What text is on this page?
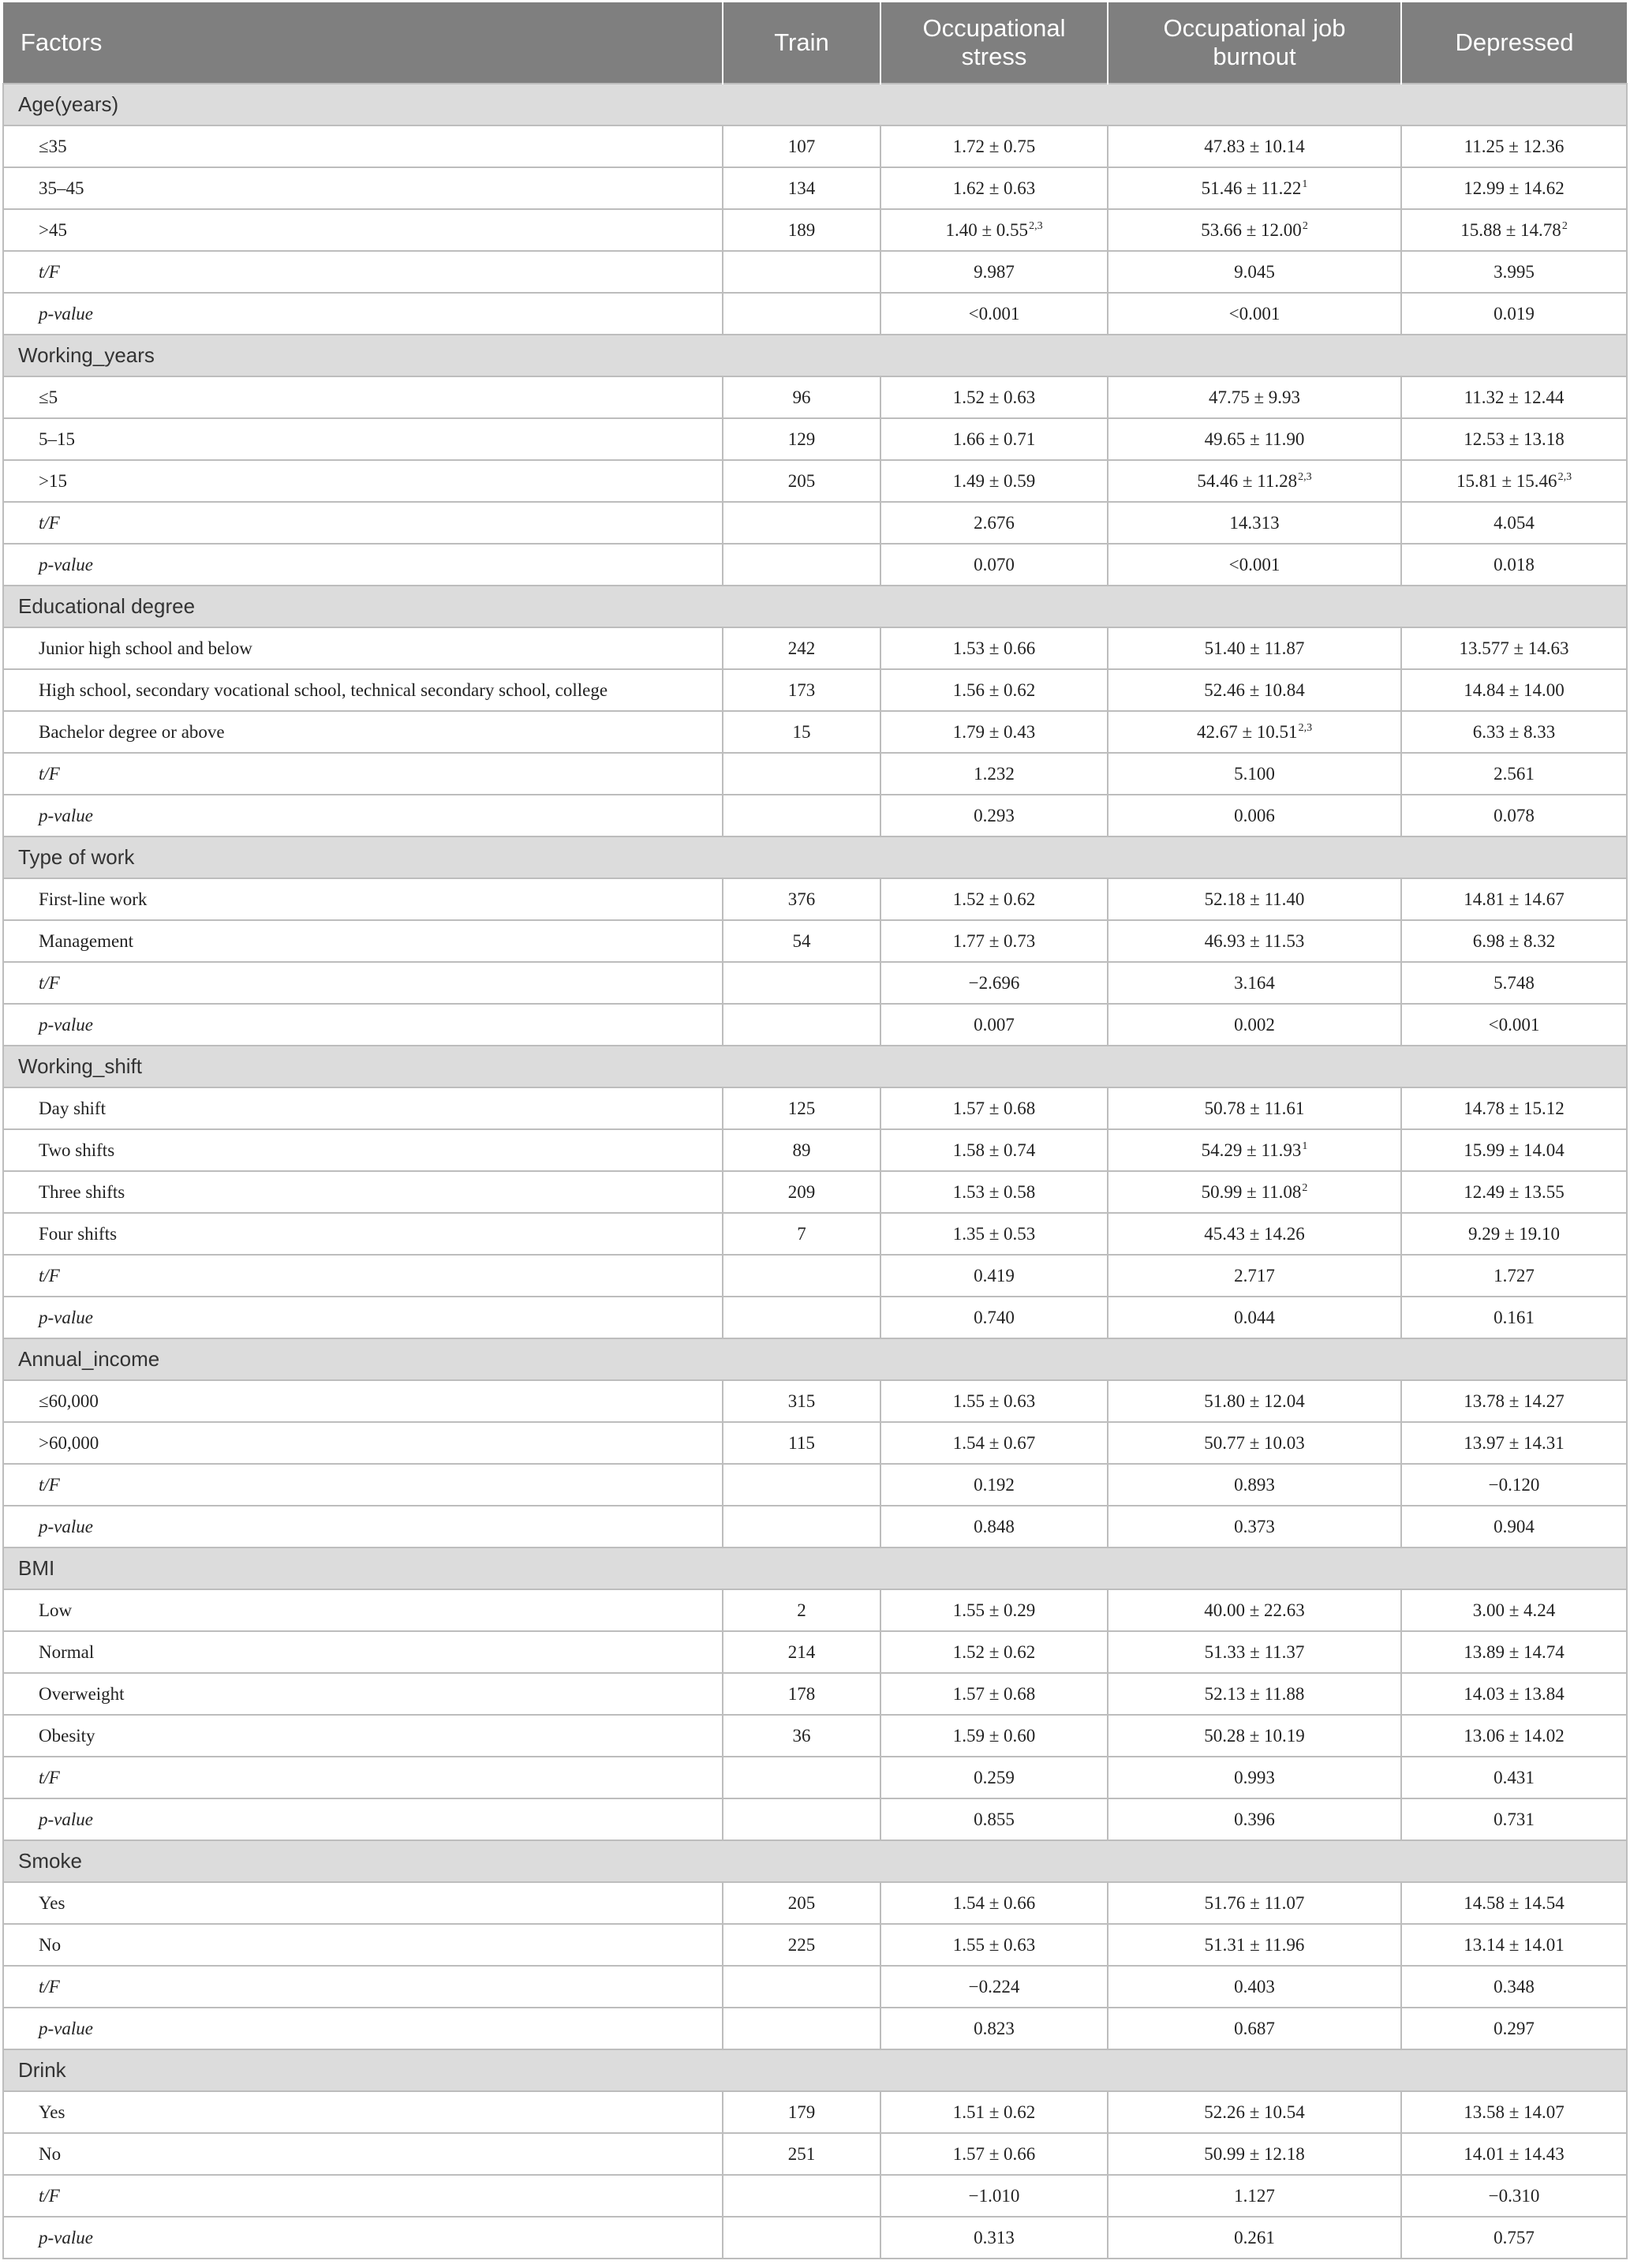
Factors	Train	Occupational stress	Occupational job burnout	Depressed
Age(years)				
≤35	107	1.72 ± 0.75	47.83 ± 10.14	11.25 ± 12.36
35–45	134	1.62 ± 0.63	$51.46 \pm 11.22^1$	12.99 ± 14.62
>45	189	$1.40 \pm 0.55^{2,3}$	$53.66 \pm 12.00^2$	$15.88 \pm 14.78^2$
t/F		9.987	9.045	3.995
p-value		<0.001	<0.001	0.019
Working_years				
≤5	96	1.52 ± 0.63	47.75 ± 9.93	11.32 ± 12.44
5–15	129	1.66 ± 0.71	49.65 ± 11.90	12.53 ± 13.18
>15	205	1.49 ± 0.59	$54.46 \pm 11.28^{2,3}$	$15.81 \pm 15.46^{2,3}$
t/F		2.676	14.313	4.054
p-value		0.070	<0.001	0.018
Educational degree				
Junior high school and below	242	1.53 ± 0.66	51.40 ± 11.87	13.577 ± 14.63
High school, secondary vocational school, technical secondary school, college	173	1.56 ± 0.62	52.46 ± 10.84	14.84 ± 14.00
Bachelor degree or above	15	1.79 ± 0.43	$42.67 \pm 10.51^{2,3}$	6.33 ± 8.33
t/F		1.232	5.100	2.561
p-value		0.293	0.006	0.078
Type of work				
First-line work	376	1.52 ± 0.62	52.18 ± 11.40	14.81 ± 14.67
Management	54	1.77 ± 0.73	46.93 ± 11.53	6.98 ± 8.32
t/F		−2.696	3.164	5.748
p-value		0.007	0.002	<0.001
Working_shift				
Day shift	125	1.57 ± 0.68	50.78 ± 11.61	14.78 ± 15.12
Two shifts	89	1.58 ± 0.74	$54.29 \pm 11.93^1$	15.99 ± 14.04
Three shifts	209	1.53 ± 0.58	$50.99 \pm 11.08^2$	12.49 ± 13.55
Four shifts	7	1.35 ± 0.53	45.43 ± 14.26	9.29 ± 19.10
t/F		0.419	2.717	1.727
p-value		0.740	0.044	0.161
Annual_income				
≤60,000	315	1.55 ± 0.63	51.80 ± 12.04	13.78 ± 14.27
>60,000	115	1.54 ± 0.67	50.77 ± 10.03	13.97 ± 14.31
t/F		0.192	0.893	−0.120
p-value		0.848	0.373	0.904
BMI				
Low	2	1.55 ± 0.29	40.00 ± 22.63	3.00 ± 4.24
Normal	214	1.52 ± 0.62	51.33 ± 11.37	13.89 ± 14.74
Overweight	178	1.57 ± 0.68	52.13 ± 11.88	14.03 ± 13.84
Obesity	36	1.59 ± 0.60	50.28 ± 10.19	13.06 ± 14.02
t/F		0.259	0.993	0.431
p-value		0.855	0.396	0.731
Smoke				
Yes	205	1.54 ± 0.66	51.76 ± 11.07	14.58 ± 14.54
No	225	1.55 ± 0.63	51.31 ± 11.96	13.14 ± 14.01
t/F		−0.224	0.403	0.348
p-value		0.823	0.687	0.297
Drink				
Yes	179	1.51 ± 0.62	52.26 ± 10.54	13.58 ± 14.07
No	251	1.57 ± 0.66	50.99 ± 12.18	14.01 ± 14.43
t/F		−1.010	1.127	−0.310
p-value		0.313	0.261	0.757
